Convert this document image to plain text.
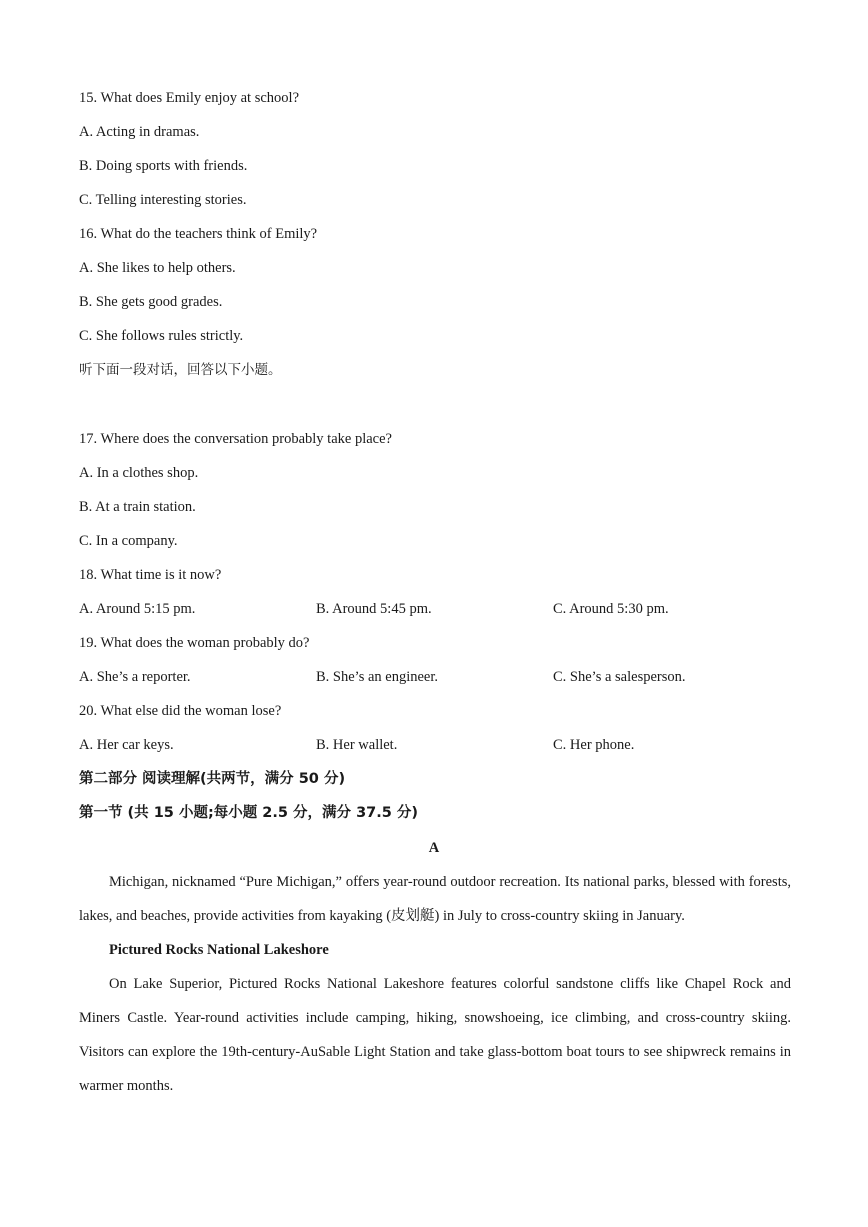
15. What does Emily enjoy at school?
A. Acting in dramas.
B. Doing sports with friends.
C. Telling interesting stories.
16. What do the teachers think of Emily?
A. She likes to help others.
B. She gets good grades.
C. She follows rules strictly.
听下面一段对话，回答以下小题。
17. Where does the conversation probably take place?
A. In a clothes shop.
B. At a train station.
C. In a company.
18. What time is it now?
A. Around 5:15 pm.	B. Around 5:45 pm.	C. Around 5:30 pm.
19. What does the woman probably do?
A. She’s a reporter.	B. She’s an engineer.	C. She’s a salesperson.
20. What else did the woman lose?
A. Her car keys.	B. Her wallet.	C. Her phone.
第二部分 阅读理解(共两节，满分 50 分)
第一节 (共 15 小题;每小题 2.5 分，满分 37.5 分)
A
Michigan, nicknamed “Pure Michigan,” offers year-round outdoor recreation. Its national parks, blessed with forests, lakes, and beaches, provide activities from kayaking (皮划艇) in July to cross-country skiing in January.
Pictured Rocks National Lakeshore
On Lake Superior, Pictured Rocks National Lakeshore features colorful sandstone cliffs like Chapel Rock and Miners Castle. Year-round activities include camping, hiking, snowshoeing, ice climbing, and cross-country skiing. Visitors can explore the 19th-century-AuSable Light Station and take glass-bottom boat tours to see shipwreck remains in warmer months.
